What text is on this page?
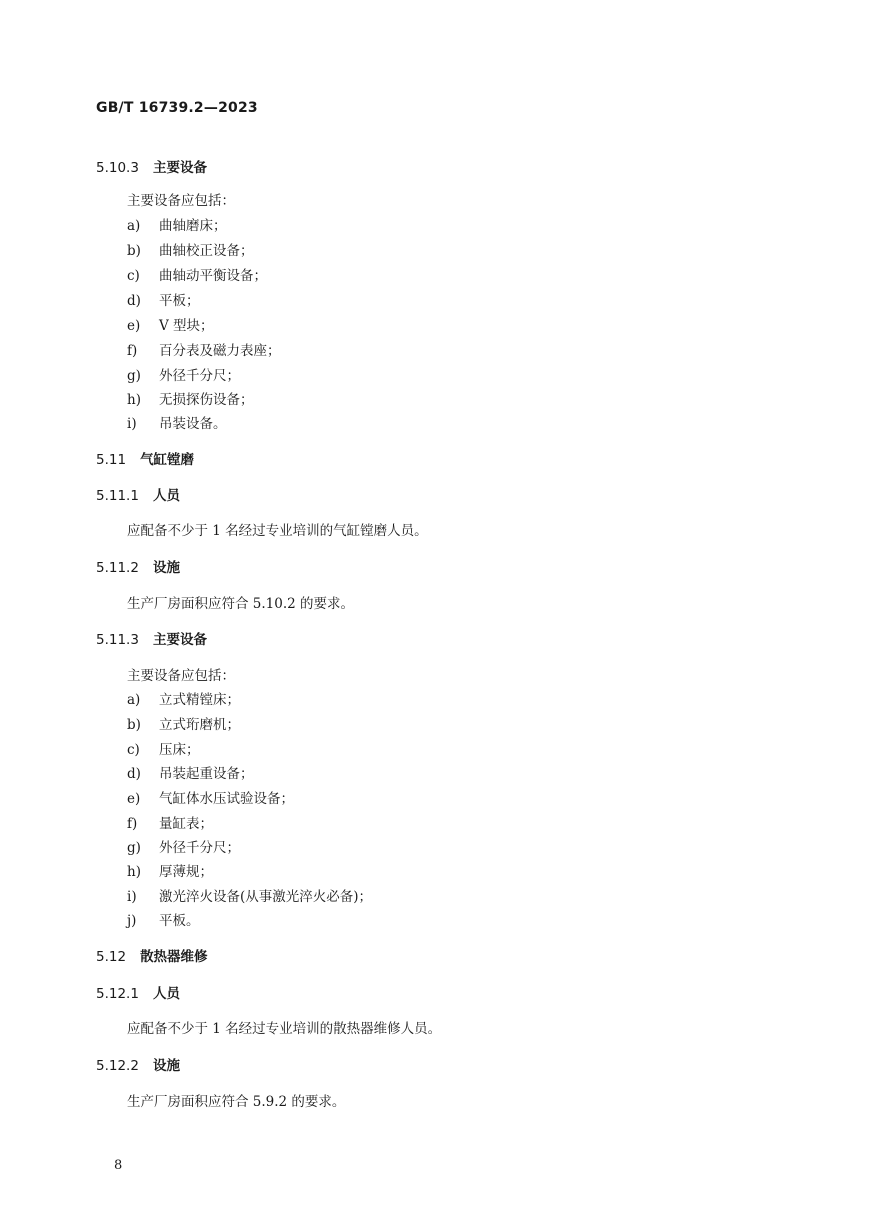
GB/T 16739.2—2023
5.10.3 主要设备
主要设备应包括：
a) 曲轴磨床；
b) 曲轴校正设备；
c) 曲轴动平衡设备；
d) 平板；
e) V 型块；
f) 百分表及磁力表座；
g) 外径千分尺；
h) 无损探伤设备；
i) 吊装设备。
5.11 气缸镗磨
5.11.1 人员
应配备不少于 1 名经过专业培训的气缸镗磨人员。
5.11.2 设施
生产厂房面积应符合 5.10.2 的要求。
5.11.3 主要设备
主要设备应包括：
a) 立式精镗床；
b) 立式珩磨机；
c) 压床；
d) 吊装起重设备；
e) 气缸体水压试验设备；
f) 量缸表；
g) 外径千分尺；
h) 厚薄规；
i) 激光淬火设备(从事激光淬火必备)；
j) 平板。
5.12 散热器维修
5.12.1 人员
应配备不少于 1 名经过专业培训的散热器维修人员。
5.12.2 设施
生产厂房面积应符合 5.9.2 的要求。
8
